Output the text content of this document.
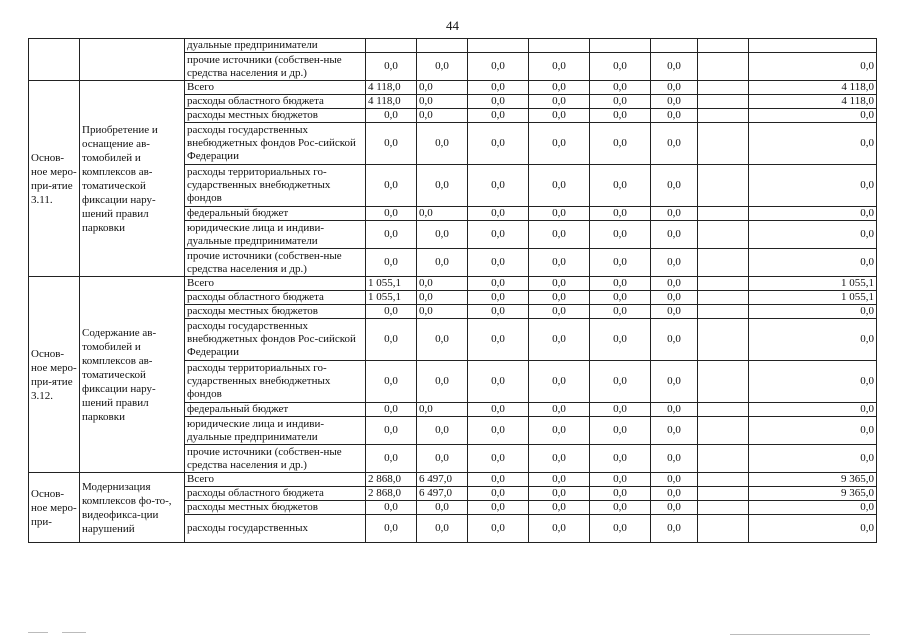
44
		дуальные предприниматели								
		прочие источники (собствен-ные средства населения и др.)	0,0	0,0	0,0	0,0	0,0	0,0		0,0
Основ-ное меро-при-ятие 3.11.	Приобретение и оснащение ав-томобилей и комплексов ав-томатической фиксации нару-шений правил парковки	Всего	4 118,0	0,0	0,0	0,0	0,0	0,0		4 118,0
		расходы областного бюджета	4 118,0	0,0	0,0	0,0	0,0	0,0		4 118,0
		расходы местных бюджетов	0,0	0,0	0,0	0,0	0,0	0,0		0,0
		расходы государственных внебюджетных фондов Рос-сийской Федерации	0,0	0,0	0,0	0,0	0,0	0,0		0,0
		расходы территориальных го-сударственных внебюджетных фондов	0,0	0,0	0,0	0,0	0,0	0,0		0,0
		федеральный бюджет	0,0	0,0	0,0	0,0	0,0	0,0		0,0
		юридические лица и индиви-дуальные предприниматели	0,0	0,0	0,0	0,0	0,0	0,0		0,0
		прочие источники (собствен-ные средства населения и др.)	0,0	0,0	0,0	0,0	0,0	0,0		0,0
Основ-ное меро-при-ятие 3.12.	Содержание ав-томобилей и комплексов ав-томатической фиксации нару-шений правил парковки	Всего	1 055,1	0,0	0,0	0,0	0,0	0,0		1 055,1
		расходы областного бюджета	1 055,1	0,0	0,0	0,0	0,0	0,0		1 055,1
		расходы местных бюджетов	0,0	0,0	0,0	0,0	0,0	0,0		0,0
		расходы государственных внебюджетных фондов Рос-сийской Федерации	0,0	0,0	0,0	0,0	0,0	0,0		0,0
		расходы территориальных го-сударственных внебюджетных фондов	0,0	0,0	0,0	0,0	0,0	0,0		0,0
		федеральный бюджет	0,0	0,0	0,0	0,0	0,0	0,0		0,0
		юридические лица и индиви-дуальные предприниматели	0,0	0,0	0,0	0,0	0,0	0,0		0,0
		прочие источники (собствен-ные средства населения и др.)	0,0	0,0	0,0	0,0	0,0	0,0		0,0
Основ-ное меро-при-	Модернизация комплексов фо-то-, видеофикса-ции нарушений	Всего	2 868,0	6 497,0	0,0	0,0	0,0	0,0		9 365,0
		расходы областного бюджета	2 868,0	6 497,0	0,0	0,0	0,0	0,0		9 365,0
		расходы местных бюджетов	0,0	0,0	0,0	0,0	0,0	0,0		0,0
		расходы государственных	0,0	0,0	0,0	0,0	0,0	0,0		0,0
